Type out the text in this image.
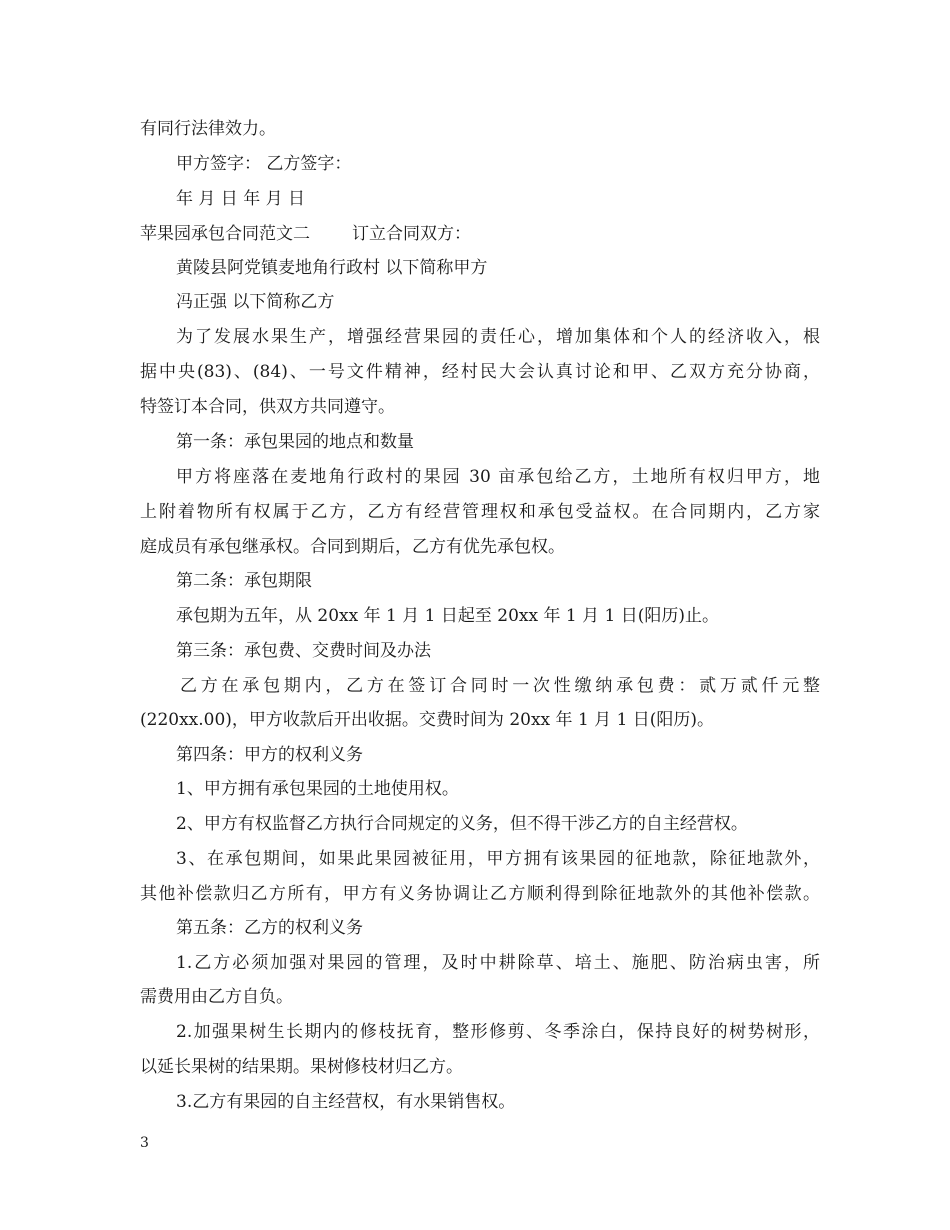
有同行法律效力。
甲方签字： 乙方签字：
年 月 日 年 月 日
苹果园承包合同范文二 订立合同双方：
黄陵县阿党镇麦地角行政村 以下简称甲方
冯正强 以下简称乙方
为了发展水果生产，增强经营果园的责任心，增加集体和个人的经济收入，根
据中央(83)、(84)、一号文件精神，经村民大会认真讨论和甲、乙双方充分协商，
特签订本合同，供双方共同遵守。
第一条：承包果园的地点和数量
甲方将座落在麦地角行政村的果园 30 亩承包给乙方，土地所有权归甲方，地
上附着物所有权属于乙方，乙方有经营管理权和承包受益权。在合同期内，乙方家
庭成员有承包继承权。合同到期后，乙方有优先承包权。
第二条：承包期限
承包期为五年，从 20xx 年 1 月 1 日起至 20xx 年 1 月 1 日(阳历)止。
第三条：承包费、交费时间及办法
乙方在承包期内，乙方在签订合同时一次性缴纳承包费：贰万贰仟元整
(220xx.00)，甲方收款后开出收据。交费时间为 20xx 年 1 月 1 日(阳历)。
第四条：甲方的权利义务
1、甲方拥有承包果园的土地使用权。
2、甲方有权监督乙方执行合同规定的义务，但不得干涉乙方的自主经营权。
3、在承包期间，如果此果园被征用，甲方拥有该果园的征地款，除征地款外，
其他补偿款归乙方所有，甲方有义务协调让乙方顺利得到除征地款外的其他补偿款。
第五条：乙方的权利义务
1.乙方必须加强对果园的管理，及时中耕除草、培土、施肥、防治病虫害，所
需费用由乙方自负。
2.加强果树生长期内的修枝抚育，整形修剪、冬季涂白，保持良好的树势树形，
以延长果树的结果期。果树修枝材归乙方。
3.乙方有果园的自主经营权，有水果销售权。
3
